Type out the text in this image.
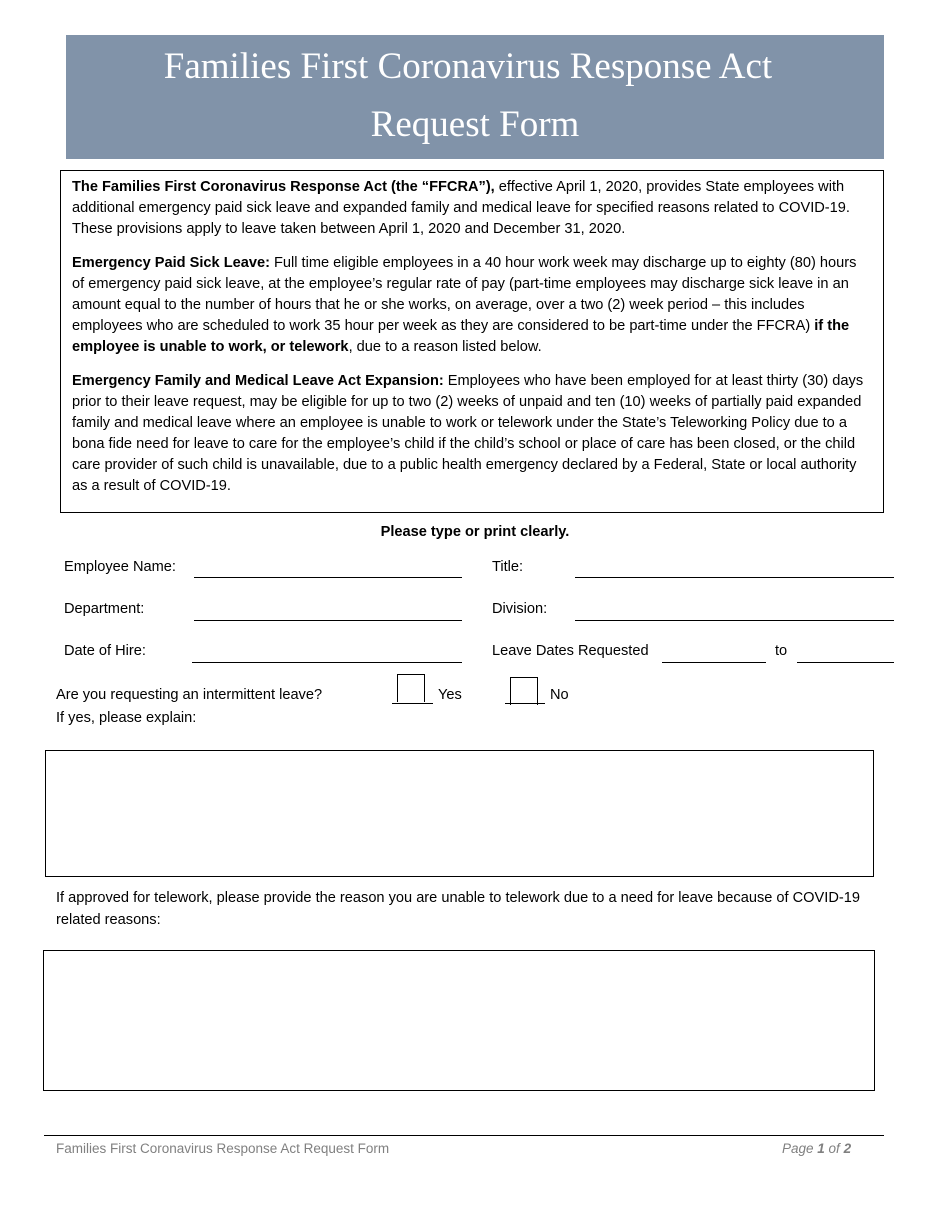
Families First Coronavirus Response Act
Request Form

The Families First Coronavirus Response Act (the “FFCRA”), effective April 1, 2020, provides State employees with additional emergency paid sick leave and expanded family and medical leave for specified reasons related to COVID-19. These provisions apply to leave taken between April 1, 2020 and December 31, 2020.

Emergency Paid Sick Leave: Full time eligible employees in a 40 hour work week may discharge up to eighty (80) hours of emergency paid sick leave, at the employee’s regular rate of pay (part-time employees may discharge sick leave in an amount equal to the number of hours that he or she works, on average, over a two (2) week period – this includes employees who are scheduled to work 35 hour per week as they are considered to be part-time under the FFCRA) if the employee is unable to work, or telework, due to a reason listed below.

Emergency Family and Medical Leave Act Expansion: Employees who have been employed for at least thirty (30) days prior to their leave request, may be eligible for up to two (2) weeks of unpaid and ten (10) weeks of partially paid expanded family and medical leave where an employee is unable to work or telework under the State’s Teleworking Policy due to a bona fide need for leave to care for the employee’s child if the child’s school or place of care has been closed, or the child care provider of such child is unavailable, due to a public health emergency declared by a Federal, State or local authority as a result of COVID-19.

Please type or print clearly.
Employee Name:	Title:
Department:	Division:
Date of Hire:	Leave Dates Requested	to
Are you requesting an intermittent leave?	Yes	No
If yes, please explain:
If approved for telework, please provide the reason you are unable to telework due to a need for leave because of COVID-19 related reasons:
Families First Coronavirus Response Act Request Form	Page 1 of 2
